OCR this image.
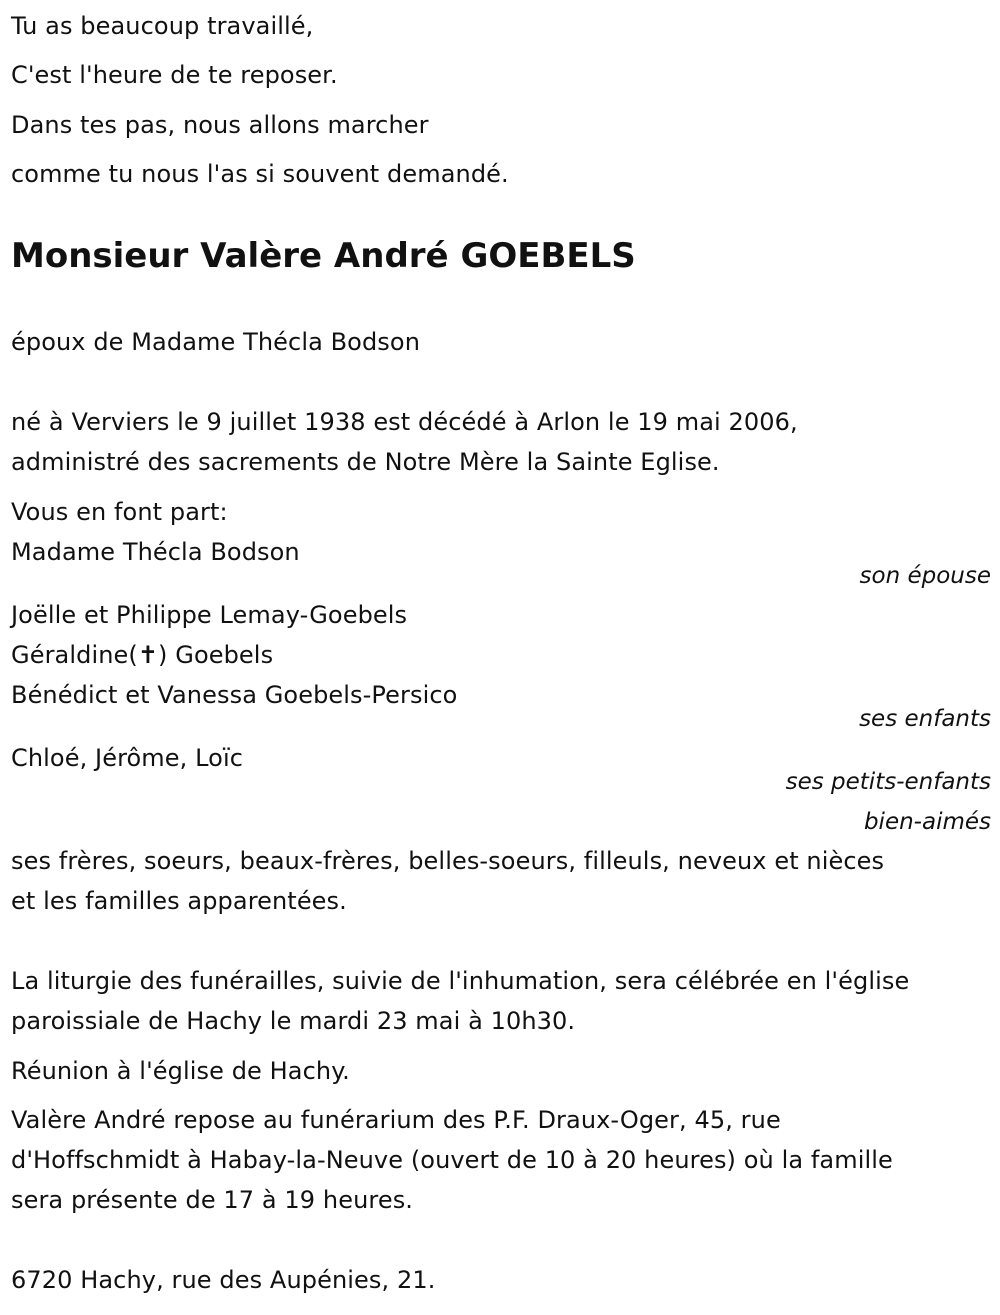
Tu as beaucoup travaillé,
C'est l'heure de te reposer.
Dans tes pas, nous allons marcher
comme tu nous l'as si souvent demandé.
Monsieur Valère André GOEBELS
époux de Madame Thécla Bodson
né à Verviers le 9 juillet 1938 est décédé à Arlon le 19 mai 2006,
administré des sacrements de Notre Mère la Sainte Eglise.
Vous en font part:
Madame Thécla Bodson
son épouse
Joëlle et Philippe Lemay-Goebels
Géraldine(✝) Goebels
Bénédict et Vanessa Goebels-Persico
ses enfants
Chloé, Jérôme, Loïc
ses petits-enfants
bien-aimés
ses frères, soeurs, beaux-frères, belles-soeurs, filleuls, neveux et nièces
et les familles apparentées.
La liturgie des funérailles, suivie de l'inhumation, sera célébrée en l'église
paroissiale de Hachy le mardi 23 mai à 10h30.
Réunion à l'église de Hachy.
Valère André repose au funérarium des P.F. Draux-Oger, 45, rue
d'Hoffschmidt à Habay-la-Neuve (ouvert de 10 à 20 heures) où la famille
sera présente de 17 à 19 heures.
6720 Hachy, rue des Aupénies, 21.
